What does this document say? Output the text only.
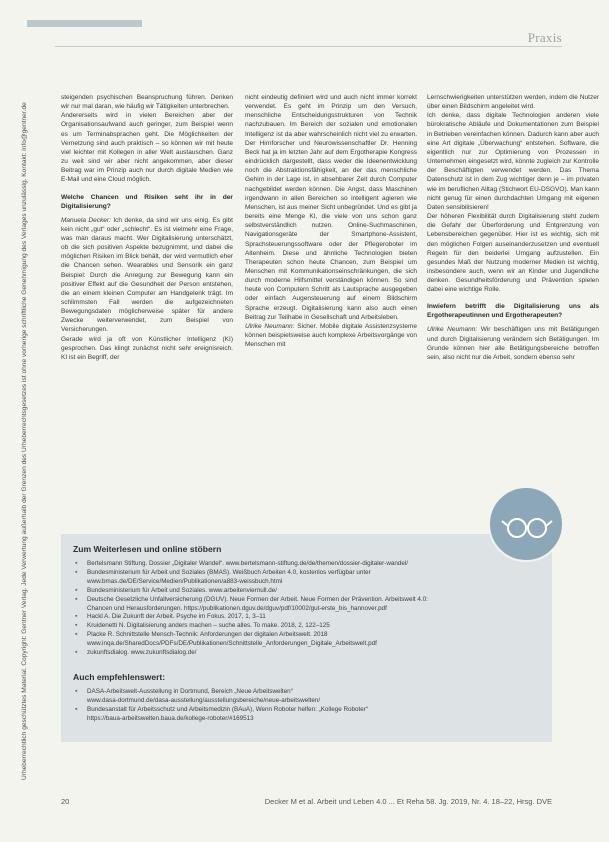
Praxis
Urheberrechtlich geschütztes Material. Copyright: Gentner Verlag. Jede Verwertung außerhalb der Grenzen des Urheberrechtsgesetzes ist ohne vorherige schriftliche Genehmigung des Verlages unzulässig. Kontakt: info@gentner.de

steigenden psychischen Beanspruchung führen. Denken wir nur mal daran, wie häufig wir Tätigkeiten unterbrechen.

Andererseits wird in vielen Bereichen aber der Organisationsaufwand auch geringer, zum Beispiel wenn es um Terminabsprachen geht. Die Möglichkeiten der Vernetzung sind auch praktisch – so können wir mit heute viel leichter mit Kollegen in aller Welt austauschen. Ganz zu weit sind wir aber nicht angekommen, aber dieser Beitrag war im Prinzip auch nur durch digitale Medien wie E-Mail und eine Cloud möglich.

Welche Chancen und Risiken seht ihr in der Digitalisierung?

Manuela Decker: Ich denke, da sind wir uns einig. Es gibt kein nicht „gut“ oder „schlecht“. Es ist vielmehr eine Frage, was man daraus macht. Wer Digitalisierung unterschätzt, ob die sich positiven Aspekte bezugnimmt, und dabei die möglichen Risiken im Blick behält, der wird vermutlich eher die Chancen sehen. Wearables und Sensorik ein ganz Beispiel: Durch die Anregung zur Bewegung kann ein positiver Effekt auf die Gesundheit der Person entstehen, die an einem kleinen Computer am Handgelenk trägt. Im schlimmsten Fall werden die aufgezeichneten Bewegungsdaten möglicherweise später für andere Zwecke weiterverwendet, zum Beispiel von Versicherungen.

Gerade wird ja oft von Künstlicher Intelligenz (KI) gesprochen. Das klingt zunächst nicht sehr ereignisreich. KI ist ein Begriff, der

nicht eindeutig definiert wird und auch nicht immer korrekt verwendet. Es geht im Prinzip um den Versuch, menschliche Entscheidungsstrukturen von Technik nachzubauen. Im Bereich der sozialen und emotionalen Intelligenz ist da aber wahrscheinlich nicht viel zu erwarten. Der Hirnforscher und Neurowissenschaftler Dr. Henning Beck hat ja im letzten Jahr auf dem Ergotherapie Kongress eindrücklich dargestellt, dass weder die Ideenentwicklung noch die Abstraktionsfähigkeit, an der das menschliche Gehirn in der Lage ist, in absehbarer Zeit durch Computer nachgebildet werden können. Die Angst, dass Maschinen irgendwann in allen Bereichen so intelligent agieren wie Menschen, ist aus meiner Sicht unbegründet. Und es gibt ja bereits eine Menge KI, die viele von uns schon ganz selbstverständlich nutzen. Online-Suchmaschinen, Navigationsgeräte der Smartphone-Assistent, Sprachsteuerungssoftware oder der Pflegeroboter im Altenheim. Diese und ähnliche Technologien bieten Therapeuten schon heute Chancen, zum Beispiel um Menschen mit Kommunikationseinschränkungen, die sich durch moderne Hilfsmittel verständigen können. So sind heute von Computern Schritt als Lautsprache ausgegeben oder einfach Augensteuerung auf einem Bildschirm Sprache erzeugt. Digitalisierung kann also auch einen Beitrag zur Teilhabe in Gesellschaft und Arbeitsleben.

Ulrike Neumann: Sicher. Mobile digitale Assistenzsysteme können beispielsweise auch komplexe Arbeitsvorgänge von Menschen mit

Lernschwierigkeiten unterstützen werden, indem die Nutzer über einen Bildschirm angeleitet wird.

Ich denke, dass digitale Technologien anderen viele bürokratische Abläufe und Dokumentationen zum Beispiel in Betrieben vereinfachen können. Dadurch kann aber auch eine Art digitale „Überwachung“ entstehen. Software, die eigentlich nur zur Optimierung von Prozessen in Unternehmen eingesetzt wird, könnte zugleich zur Kontrolle der Beschäftigten verwendet werden. Das Thema Datenschutz ist in dem Zug wichtiger denn je – im privaten wie im beruflichen Alltag (Stichwort EU-DSGVO). Man kann nicht genug für einen durchdachten Umgang mit eigenen Daten sensibilisieren!

Der höheren Flexibilität durch Digitalisierung steht zudem die Gefahr der Überforderung und Entgrenzung von Lebensbereichen gegenüber. Hier ist es wichtig, sich mit den möglichen Folgen auseinanderzusetzen und eventuell Regeln für den beiderlei Umgang aufzustellen. Ein gesundes Maß der Nutzung moderner Medien ist wichtig, insbesondere auch, wenn wir an Kinder und Jugendliche denken. Gesundheitsförderung und Prävention spielen dabei eine wichtige Rolle.

Inwiefern betrifft die Digitalisierung uns als Ergotherapeutinnen und Ergotherapeuten?

Ulrike Neumann: Wir beschäftigen uns mit Betätigungen und durch Digitalisierung verändern sich Betätigungen. Im Grunde können hier alle Betätigungsbereiche betroffen sein, also nicht nur die Arbeit, sondern ebenso sehr

Zum Weiterlesen und online stöbern
▪ Bertelsmann Stiftung. Dossier „Digitaler Wandel“. www.bertelsmann-stiftung.de/de/themen/dossier-digitaler-wandel/
▪ Bundesministerium für Arbeit und Soziales (BMAS). Weißbuch Arbeiten 4.0, kostenlos verfügbar unter
www.bmas.de/DE/Service/Medien/Publikationen/a883-weissbuch.html
▪ Bundesministerium für Arbeit und Soziales. www.arbeitenviernull.de/
▪ Deutsche Gesetzliche Unfallversicherung (DGUV). Neue Formen der Arbeit. Neue Formen der Prävention. Arbeitswelt 4.0:
Chancen und Herausforderungen. https://publikationen.dguv.de/dguv/pdf/10002/gut-erste_bis_hannover.pdf
▪ Hackl A. Die Zukunft der Arbeit. Psyche im Fokus. 2017, 1, 3–11
▪ Kruidenetti N. Digitalisierung anders machen – suche alles. To make. 2018, 2, 122–125
▪ Placke R. Schnittstelle Mensch-Technik: Anforderungen der digitalen Arbeitswelt. 2018
www.inqa.de/SharedDocs/PDFs/DE/Publikationen/Schnittstelle_Anforderungen_Digitale_Arbeitswelt.pdf
▪ zukunftsdialog. www.zukunftsdialog.de/
Auch empfehlenswert:
▪ DASA-Arbeitswelt-Ausstellung in Dortmund, Bereich „Neue Arbeitswelten“
www.dasa-dortmund.de/dasa-ausstellung/ausstellungsbereiche/neue-arbeitswelten/
▪ Bundesanstalt für Arbeitsschutz und Arbeitsmedizin (BAuA), Wenn Roboter helfen: „Kollege Roboter“
https://baua-arbeitswelten.baua.de/kollege-roboter/#169513
20	Decker M et al. Arbeit und Leben 4.0 ... Et Reha 58. Jg. 2019, Nr. 4. 18–22, Hrsg. DVE
